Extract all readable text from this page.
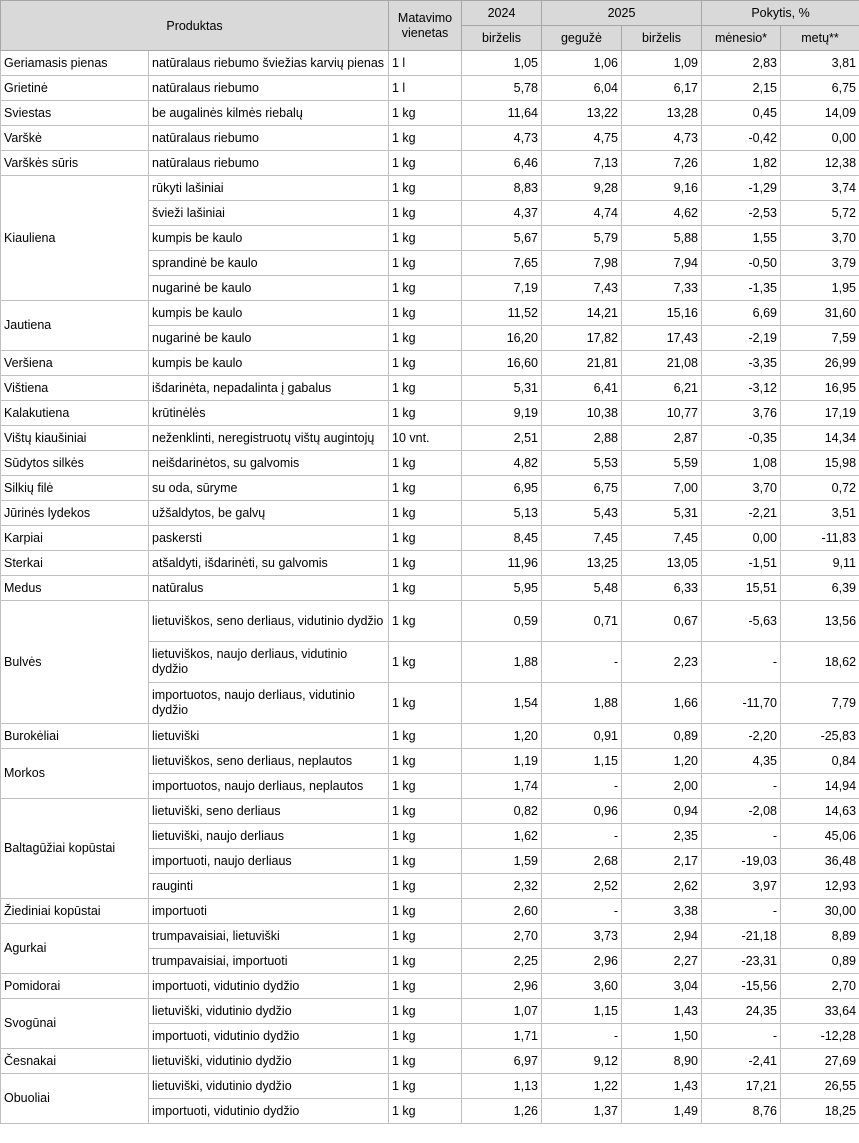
Produktas		Matavimo vienetas	2024	2025		Pokytis, %	
			birželis	gegužė	birželis	mėnesio*	metų**
Geriamasis pienas	natūralaus riebumo šviežias karvių pienas	1 l	1,05	1,06	1,09	2,83	3,81
Grietinė	natūralaus riebumo	1 l	5,78	6,04	6,17	2,15	6,75
Sviestas	be augalinės kilmės riebalų	1 kg	11,64	13,22	13,28	0,45	14,09
Varškė	natūralaus riebumo	1 kg	4,73	4,75	4,73	-0,42	0,00
Varškės sūris	natūralaus riebumo	1 kg	6,46	7,13	7,26	1,82	12,38
Kiauliena	rūkyti lašiniai	1 kg	8,83	9,28	9,16	-1,29	3,74
	švieži lašiniai	1 kg	4,37	4,74	4,62	-2,53	5,72
	kumpis be kaulo	1 kg	5,67	5,79	5,88	1,55	3,70
	sprandinė be kaulo	1 kg	7,65	7,98	7,94	-0,50	3,79
	nugarinė be kaulo	1 kg	7,19	7,43	7,33	-1,35	1,95
Jautiena	kumpis be kaulo	1 kg	11,52	14,21	15,16	6,69	31,60
	nugarinė be kaulo	1 kg	16,20	17,82	17,43	-2,19	7,59
Veršiena	kumpis be kaulo	1 kg	16,60	21,81	21,08	-3,35	26,99
Vištiena	išdarinėta, nepadalinta į gabalus	1 kg	5,31	6,41	6,21	-3,12	16,95
Kalakutiena	krūtinėlės	1 kg	9,19	10,38	10,77	3,76	17,19
Vištų kiaušiniai	neženklinti, neregistruotų vištų augintojų	10 vnt.	2,51	2,88	2,87	-0,35	14,34
Sūdytos silkės	neišdarinėtos, su galvomis	1 kg	4,82	5,53	5,59	1,08	15,98
Silkių filė	su oda, sūryme	1 kg	6,95	6,75	7,00	3,70	0,72
Jūrinės lydekos	užšaldytos, be galvų	1 kg	5,13	5,43	5,31	-2,21	3,51
Karpiai	paskersti	1 kg	8,45	7,45	7,45	0,00	-11,83
Sterkai	atšaldyti, išdarinėti, su galvomis	1 kg	11,96	13,25	13,05	-1,51	9,11
Medus	natūralus	1 kg	5,95	5,48	6,33	15,51	6,39
Bulvės	lietuviškos, seno derliaus, vidutinio dydžio	1 kg	0,59	0,71	0,67	-5,63	13,56
	lietuviškos, naujo derliaus, vidutinio dydžio	1 kg	1,88	-	2,23	-	18,62
	importuotos, naujo derliaus, vidutinio dydžio	1 kg	1,54	1,88	1,66	-11,70	7,79
Burokėliai	lietuviški	1 kg	1,20	0,91	0,89	-2,20	-25,83
Morkos	lietuviškos, seno derliaus, neplautos	1 kg	1,19	1,15	1,20	4,35	0,84
	importuotos, naujo derliaus, neplautos	1 kg	1,74	-	2,00	-	14,94
Baltagūžiai kopūstai	lietuviški, seno derliaus	1 kg	0,82	0,96	0,94	-2,08	14,63
	lietuviški, naujo derliaus	1 kg	1,62	-	2,35	-	45,06
	importuoti, naujo derliaus	1 kg	1,59	2,68	2,17	-19,03	36,48
	rauginti	1 kg	2,32	2,52	2,62	3,97	12,93
Žiediniai kopūstai	importuoti	1 kg	2,60	-	3,38	-	30,00
Agurkai	trumpavaisiai, lietuviški	1 kg	2,70	3,73	2,94	-21,18	8,89
	trumpavaisiai, importuoti	1 kg	2,25	2,96	2,27	-23,31	0,89
Pomidorai	importuoti, vidutinio dydžio	1 kg	2,96	3,60	3,04	-15,56	2,70
Svogūnai	lietuviški, vidutinio dydžio	1 kg	1,07	1,15	1,43	24,35	33,64
	importuoti, vidutinio dydžio	1 kg	1,71	-	1,50	-	-12,28
Česnakai	lietuviški, vidutinio dydžio	1 kg	6,97	9,12	8,90	-2,41	27,69
Obuoliai	lietuviški, vidutinio dydžio	1 kg	1,13	1,22	1,43	17,21	26,55
	importuoti, vidutinio dydžio	1 kg	1,26	1,37	1,49	8,76	18,25
